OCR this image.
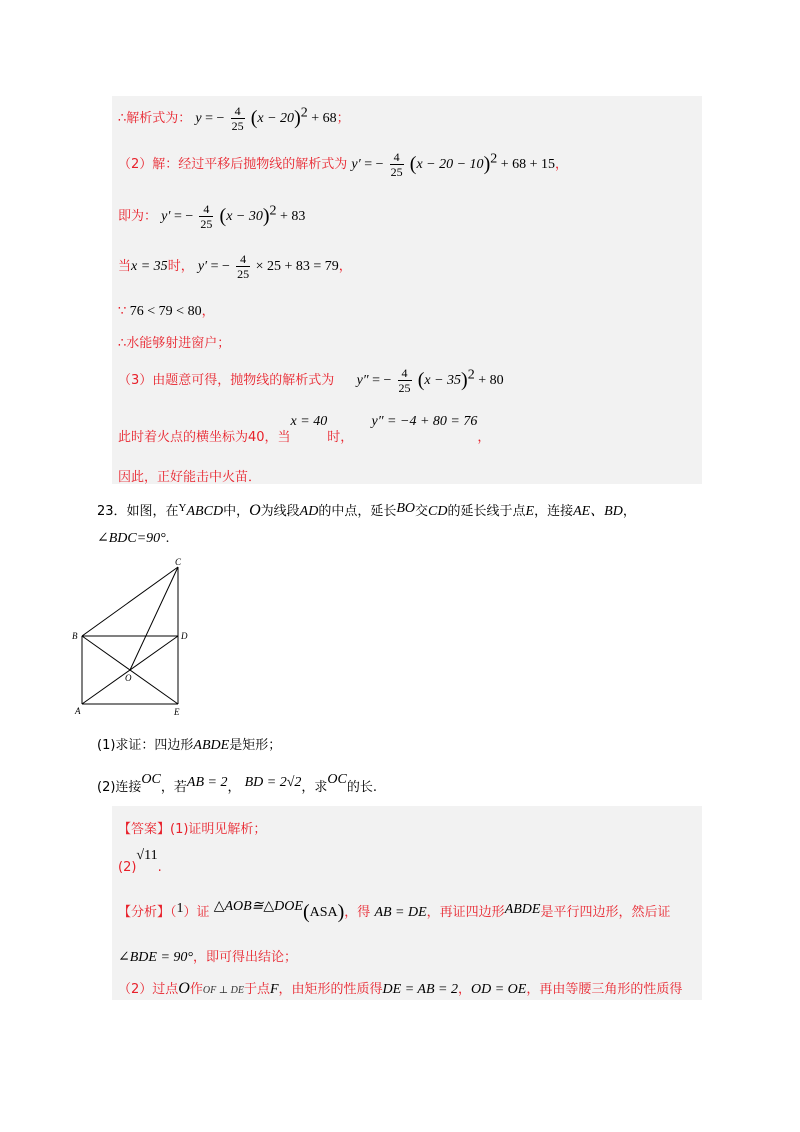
∴解析式为： y = − $\frac{4}{25} (x - 20)^2 + 68$；
（2）解：经过平移后抛物线的解析式为 y′ = − $\frac{4}{25} (x - 20 - 10)^2 + 68 + 15$，
即为： y′ = − $\frac{4}{25} (x - 30)^2 + 83$
当x = 35时， y′ = − $\frac{4}{25} \times 25 + 83 = 79$，
∵ 76 < 79 < 80，
∴水能够射进窗户；
（3）由题意可得，抛物线的解析式为 y″ = − $\frac{4}{25} (x - 35)^2 + 80$
此时着火点的横坐标为40，当x = 40时，  y″ = −4 + 80 = 76，
因此，正好能击中火苗．
23．如图，在$^Y$ABCD中，O为线段AD的中点，延长BO交CD的延长线于点E，连接AE、BD，
∠BDC=90°.
C
B	D
O
A	E
(1)求证：四边形ABDE是矩形；
(2)连接OC，若AB = 2， BD = 2√2，求OC的长.
【答案】(1)证明见解析；
(2)√11.
【分析】（1）证 △AOB≅△DOE(ASA)，得 AB = DE，再证四边形ABDE是平行四边形，然后证
∠BDE = 90°，即可得出结论；
（2）过点O作OF ⊥ DE于点F，由矩形的性质得DE = AB = 2，OD = OE，再由等腰三角形的性质得
